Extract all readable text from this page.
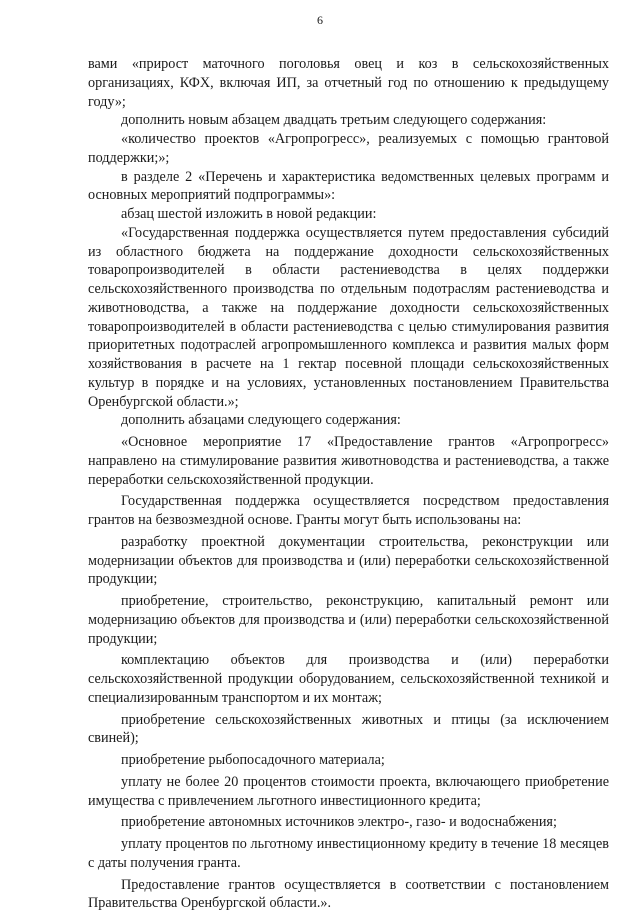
6

вами «прирост маточного поголовья овец и коз в сельскохозяйственных организациях, КФХ, включая ИП, за отчетный год по отношению к предыдущему году»;

дополнить новым абзацем двадцать третьим следующего содержания:

«количество проектов «Агропрогресс», реализуемых с помощью грантовой поддержки;»;

в разделе 2 «Перечень и характеристика ведомственных целевых программ и основных мероприятий подпрограммы»:

абзац шестой изложить в новой редакции:

«Государственная поддержка осуществляется путем предоставления субсидий из областного бюджета на поддержание доходности сельскохозяйственных товаропроизводителей в области растениеводства в целях поддержки сельскохозяйственного производства по отдельным подотраслям растениеводства и животноводства, а также на поддержание доходности сельскохозяйственных товаропроизводителей в области растениеводства с целью стимулирования развития приоритетных подотраслей агропромышленного комплекса и развития малых форм хозяйствования в расчете на 1 гектар посевной площади сельскохозяйственных культур в порядке и на условиях, установленных постановлением Правительства Оренбургской области.»;

дополнить абзацами следующего содержания:

«Основное мероприятие 17 «Предоставление грантов «Агропрогресс» направлено на стимулирование развития животноводства и растениеводства, а также переработки сельскохозяйственной продукции.

Государственная поддержка осуществляется посредством предоставления грантов на безвозмездной основе. Гранты могут быть использованы на:

разработку проектной документации строительства, реконструкции или модернизации объектов для производства и (или) переработки сельскохозяйственной продукции;

приобретение, строительство, реконструкцию, капитальный ремонт или модернизацию объектов для производства и (или) переработки сельскохозяйственной продукции;

комплектацию объектов для производства и (или) переработки сельскохозяйственной продукции оборудованием, сельскохозяйственной техникой и специализированным транспортом и их монтаж;

приобретение сельскохозяйственных животных и птицы (за исключением свиней);

приобретение рыбопосадочного материала;

уплату не более 20 процентов стоимости проекта, включающего приобретение имущества с привлечением льготного инвестиционного кредита;

приобретение автономных источников электро-, газо- и водоснабжения;

уплату процентов по льготному инвестиционному кредиту в течение 18 месяцев с даты получения гранта.

Предоставление грантов осуществляется в соответствии с постановлением Правительства Оренбургской области.».
